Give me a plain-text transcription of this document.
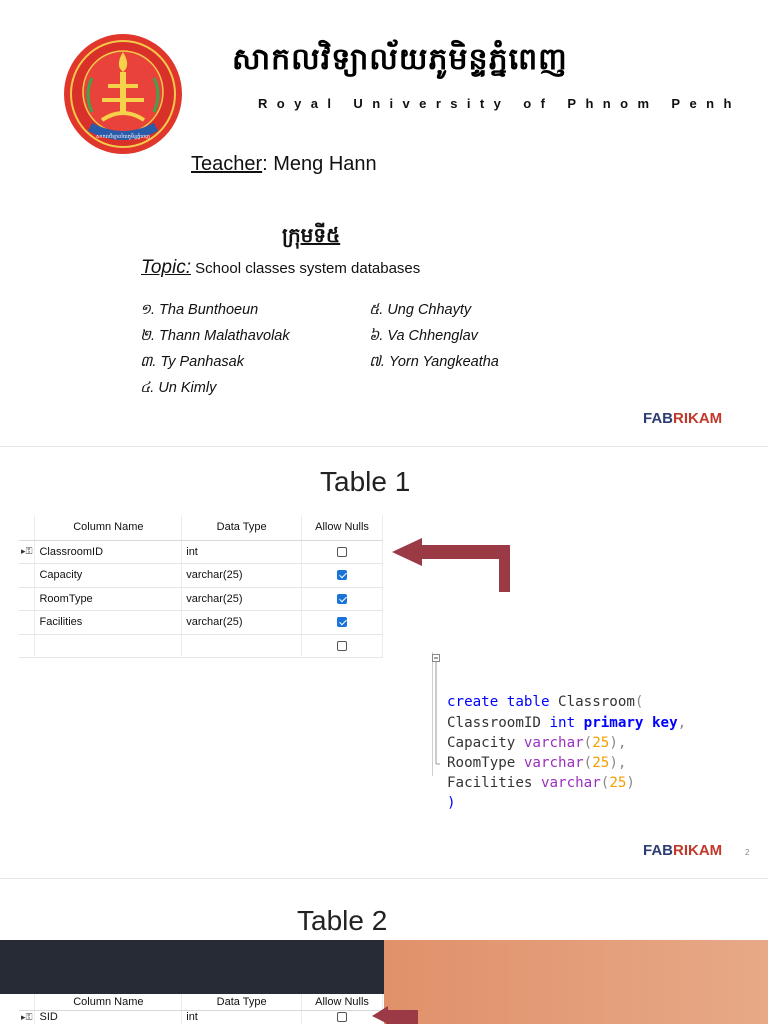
សាកលវិទ្យាល័យភូមិន្ទភ្នំពេញ
សាកលវិទ្យាល័យភូមិន្ទភ្នំពេញ
Royal University of Phnom Penh
Teacher: Meng Hann
ក្រុមទី៥
Topic: School classes system databases
១. Tha Bunthoeun
២. Thann Malathavolak
៣. Ty Panhasak
៤. Un Kimly
៥. Ung Chhayty
៦. Va Chhenglav
៧. Yorn Yangkeatha
FABRIKAM
Table 1
	Column Name	Data Type	Allow Nulls
▸⚿	ClassroomID	int	
	Capacity	varchar(25)	
	RoomType	varchar(25)	
	Facilities	varchar(25)	

create table Classroom(
ClassroomID int primary key,
Capacity varchar(25),
RoomType varchar(25),
Facilities varchar(25)
)

FABRIKAM	2
Table 2
	Column Name	Data Type	Allow Nulls
▸⚿	SID	int	
